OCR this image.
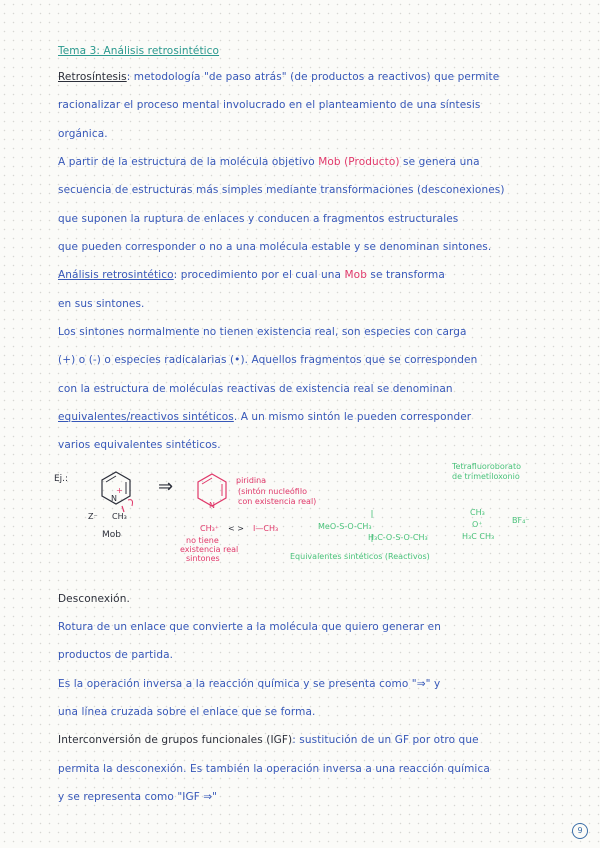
Tema 3: Análisis retrosintético
Retrosíntesis: metodología "de paso atrás" (de productos a reactivos) que permite
racionalizar el proceso mental involucrado en el planteamiento de una síntesis
orgánica.
A partir de la estructura de la molécula objetivo Mob (Producto) se genera una
secuencia de estructuras más simples mediante transformaciones (desconexiones)
que suponen la ruptura de enlaces y conducen a fragmentos estructurales
que pueden corresponder o no a una molécula estable y se denominan sintones.
Análisis retrosintético: procedimiento por el cual una Mob se transforma
en sus sintones.
Los sintones normalmente no tienen existencia real, son especies con carga
(+) o (-) o especies radicalarias (•). Aquellos fragmentos que se corresponden
con la estructura de moléculas reactivas de existencia real se denominan
equivalentes/reactivos sintéticos. A un mismo sintón le pueden corresponder
varios equivalentes sintéticos.
Ej.:
N
+
Z⁻ CH₃
Mob
⇒
N
piridina
(sintón nucleófilo
con existencia real)
CH₃⁺ < > I—CH₃
no tiene
existencia real
sintones
MeO-S-O-CH₃
H₃C-O-S-O-CH₃
Equivalentes sintéticos (Reactivos)
Tetrafluoroborato
de trimetiloxonio
CH₃
O⁺	BF₄⁻
H₃C CH₃
Desconexión.
Rotura de un enlace que convierte a la molécula que quiero generar en
productos de partida.
Es la operación inversa a la reacción química y se presenta como "⇒" y
una línea cruzada sobre el enlace que se forma.
Interconversión de grupos funcionales (IGF): sustitución de un GF por otro que
permita la desconexión. Es también la operación inversa a una reacción química
y se representa como "IGF ⇒"
9
